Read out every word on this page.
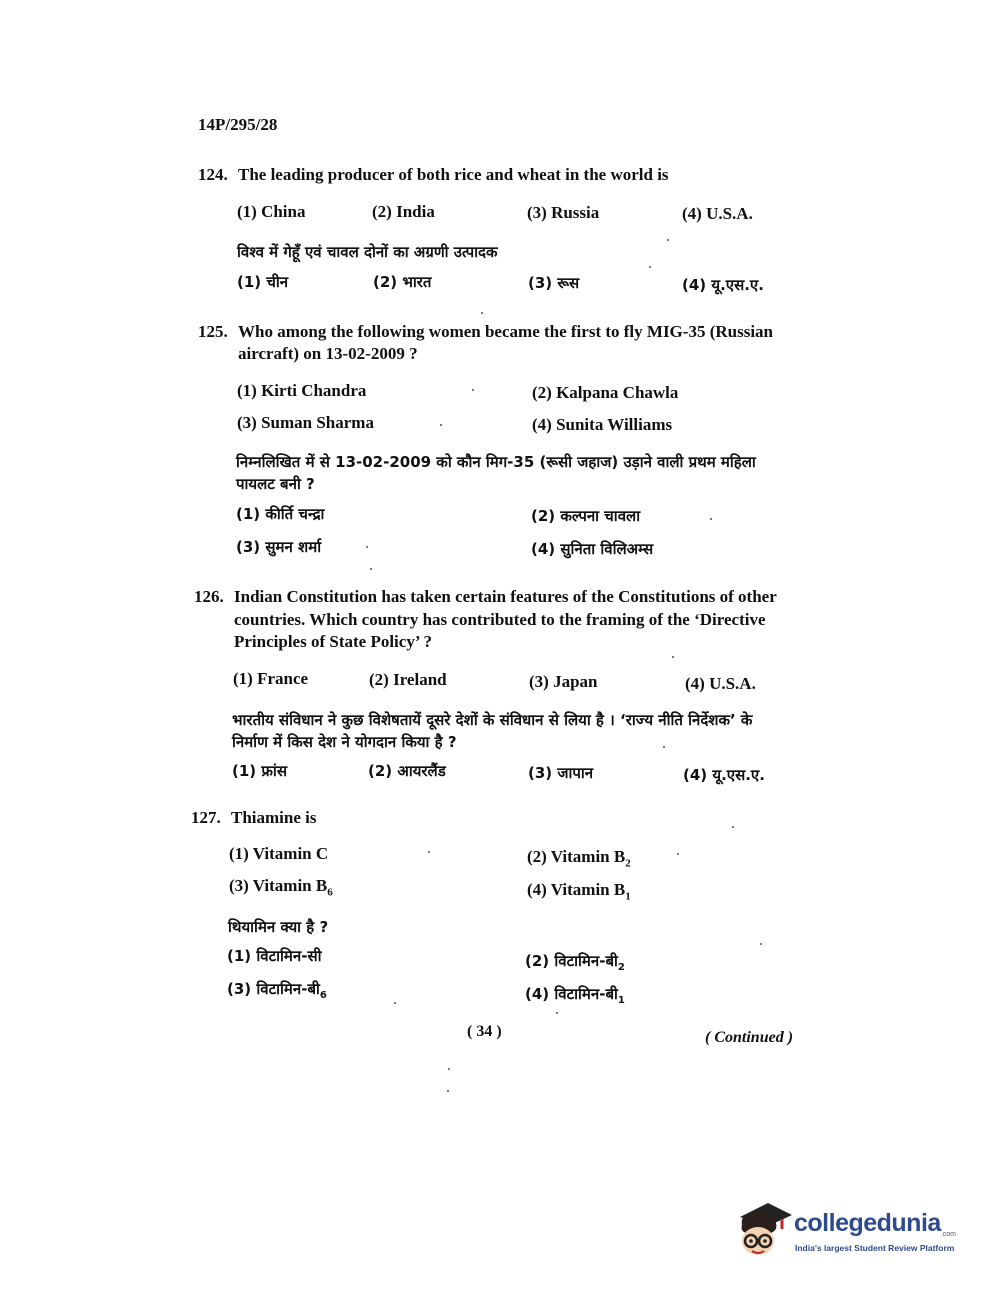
14P/295/28
124. The leading producer of both rice and wheat in the world is
(1) China	(2) India	(3) Russia	(4) U.S.A.
विश्व में गेहूँ एवं चावल दोनों का अग्रणी उत्पादक
(1) चीन	(2) भारत	(3) रूस	(4) यू.एस.ए.
125. Who among the following women became the first to fly MIG-35 (Russian
aircraft) on 13-02-2009 ?
(1) Kirti Chandra	(2) Kalpana Chawla
(3) Suman Sharma	(4) Sunita Williams
निम्नलिखित में से 13-02-2009 को कौन मिग-35 (रूसी जहाज) उड़ाने वाली प्रथम महिला
पायलट बनी ?
(1) कीर्ति चन्द्रा	(2) कल्पना चावला
(3) सुमन शर्मा	(4) सुनिता विलिअम्स
126. Indian Constitution has taken certain features of the Constitutions of other
countries. Which country has contributed to the framing of the ‘Directive
Principles of State Policy’ ?
(1) France	(2) Ireland	(3) Japan	(4) U.S.A.
भारतीय संविधान ने कुछ विशेषतायें दूसरे देशों के संविधान से लिया है । ‘राज्य नीति निर्देशक’ के
निर्माण में किस देश ने योगदान किया है ?
(1) फ्रांस	(2) आयरलैंड	(3) जापान	(4) यू.एस.ए.
127. Thiamine is
(1) Vitamin C	(2) Vitamin $B_2$
(3) Vitamin $B_6$	(4) Vitamin $B_1$
थियामिन क्या है ?
(1) विटामिन-सी	(2) $विटामिन-बी_2$
(3) $विटामिन-बी_6$	(4) $विटामिन-बी_1$
( 34 )	( Continued )
collegedunia.com
India's largest Student Review Platform
